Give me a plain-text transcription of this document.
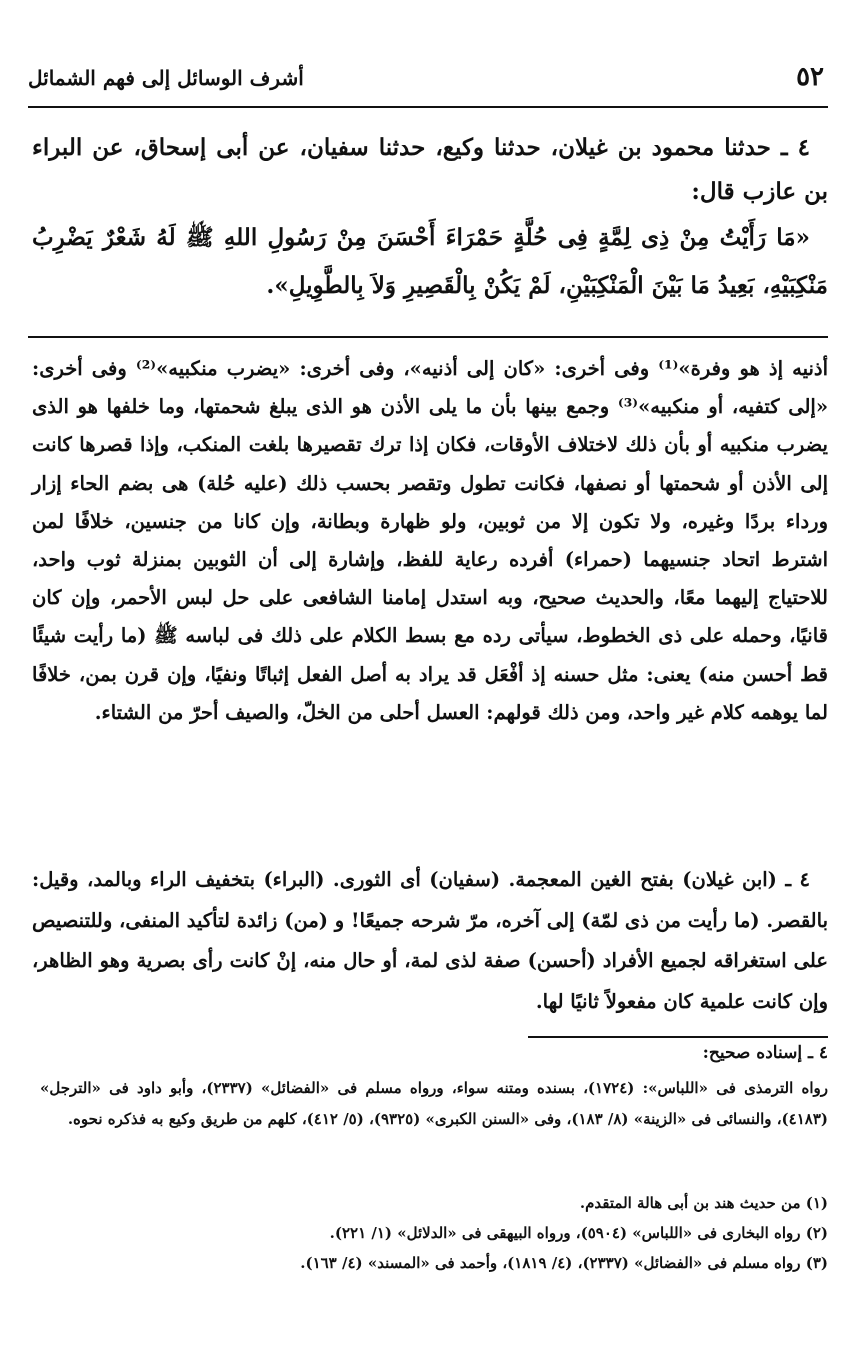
٥٢
أشرف الوسائل إلى فهم الشمائل

٤ ـ حدثنا محمود بن غيلان، حدثنا وكيع، حدثنا سفيان، عن أبى إسحاق، عن البراء بن عازب قال:

«مَا رَأَيْتُ مِنْ ذِى لِمَّةٍ فِى حُلَّةٍ حَمْرَاءَ أَحْسَنَ مِنْ رَسُولِ اللهِ ﷺ لَهُ شَعْرٌ يَضْرِبُ مَنْكِبَيْهِ، بَعِيدُ مَا بَيْنَ الْمَنْكِبَيْنِ، لَمْ يَكُنْ بِالْقَصِيرِ وَلاَ بِالطَّوِيلِ».

أذنيه إذ هو وفرة»⁽¹⁾ وفى أخرى: «كان إلى أذنيه»، وفى أخرى: «يضرب منكبيه»⁽²⁾ وفى أخرى: «إلى كتفيه، أو منكبيه»⁽³⁾ وجمع بينها بأن ما يلى الأذن هو الذى يبلغ شحمتها، وما خلفها هو الذى يضرب منكبيه أو بأن ذلك لاختلاف الأوقات، فكان إذا ترك تقصيرها بلغت المنكب، وإذا قصرها كانت إلى الأذن أو شحمتها أو نصفها، فكانت تطول وتقصر بحسب ذلك (عليه حُلة) هى بضم الحاء إزار ورداء بردًا وغيره، ولا تكون إلا من ثوبين، ولو ظهارة وبطانة، وإن كانا من جنسين، خلافًا لمن اشترط اتحاد جنسيهما (حمراء) أفرده رعاية للفظ، وإشارة إلى أن الثوبين بمنزلة ثوب واحد، للاحتياج إليهما معًا، والحديث صحيح، وبه استدل إمامنا الشافعى على حل لبس الأحمر، وإن كان قانيًا، وحمله على ذى الخطوط، سيأتى رده مع بسط الكلام على ذلك فى لباسه ﷺ (ما رأيت شيئًا قط أحسن منه) يعنى: مثل حسنه إذ أفْعَل قد يراد به أصل الفعل إثباتًا ونفيًا، وإن قرن بمن، خلافًا لما يوهمه كلام غير واحد، ومن ذلك قولهم: العسل أحلى من الخلّ، والصيف أحرّ من الشتاء.

٤ ـ (ابن غيلان) بفتح الغين المعجمة. (سفيان) أى الثورى. (البراء) بتخفيف الراء وبالمد، وقيل: بالقصر. (ما رأيت من ذى لمّة) إلى آخره، مرّ شرحه جميعًا! و (من) زائدة لتأكيد المنفى، وللتنصيص على استغراقه لجميع الأفراد (أحسن) صفة لذى لمة، أو حال منه، إنْ كانت رأى بصرية وهو الظاهر، وإن كانت علمية كان مفعولاً ثانيًا لها.

٤ ـ إسناده صحيح:
رواه الترمذى فى «اللباس»: (١٧٢٤)، بسنده ومتنه سواء، ورواه مسلم فى «الفضائل» (٢٣٣٧)، وأبو داود فى «الترجل» (٤١٨٣)، والنسائى فى «الزينة» (٨/ ١٨٣)، وفى «السنن الكبرى» (٩٣٢٥)، (٥/ ٤١٢)، كلهم من طريق وكيع به فذكره نحوه.
(١) من حديث هند بن أبى هالة المتقدم.
(٢) رواه البخارى فى «اللباس» (٥٩٠٤)، ورواه البيهقى فى «الدلائل» (١/ ٢٢١).
(٣) رواه مسلم فى «الفضائل» (٢٣٣٧)، (٤/ ١٨١٩)، وأحمد فى «المسند» (٤/ ١٦٣).
